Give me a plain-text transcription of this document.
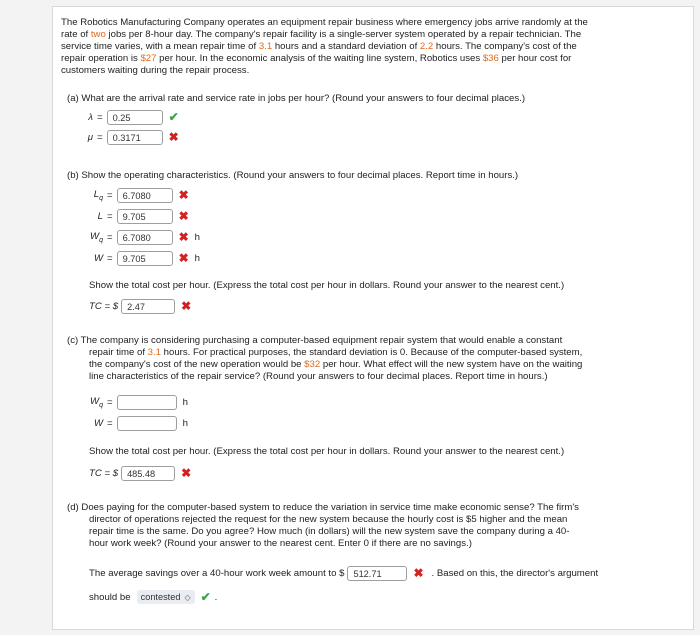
The Robotics Manufacturing Company operates an equipment repair business where emergency jobs arrive randomly at the
rate of two jobs per 8-hour day. The company's repair facility is a single-server system operated by a repair technician. The
service time varies, with a mean repair time of 3.1 hours and a standard deviation of 2.2 hours. The company's cost of the
repair operation is $27 per hour. In the economic analysis of the waiting line system, Robotics uses $36 per hour cost for
customers waiting during the repair process.
(a) What are the arrival rate and service rate in jobs per hour? (Round your answers to four decimal places.)
λ =	0.25	✔
μ =	0.3171	✖
(b) Show the operating characteristics. (Round your answers to four decimal places. Report time in hours.)
$L_q$ =	6.7080	✖
L =	9.705	✖
$W_q$ =	6.7080	✖ h
W =	9.705	✖ h
Show the total cost per hour. (Express the total cost per hour in dollars. Round your answer to the nearest cent.)
TC = $ 2.47	✖
(c) The company is considering purchasing a computer-based equipment repair system that would enable a constant
repair time of 3.1 hours. For practical purposes, the standard deviation is 0. Because of the computer-based system,
the company's cost of the new operation would be $32 per hour. What effect will the new system have on the waiting
line characteristics of the repair service? (Round your answers to four decimal places. Report time in hours.)
$W_q$ =	h
W =	h
Show the total cost per hour. (Express the total cost per hour in dollars. Round your answer to the nearest cent.)
TC = $ 485.48	✖
(d) Does paying for the computer-based system to reduce the variation in service time make economic sense? The firm's
director of operations rejected the request for the new system because the hourly cost is $5 higher and the mean
repair time is the same. Do you agree? How much (in dollars) will the new system save the company during a 40-
hour work week? (Round your answer to the nearest cent. Enter 0 if there are no savings.)
The average savings over a 40-hour work week amount to $ 512.71	✖ . Based on this, the director's argument
should be	contested ◇ ✔ .
